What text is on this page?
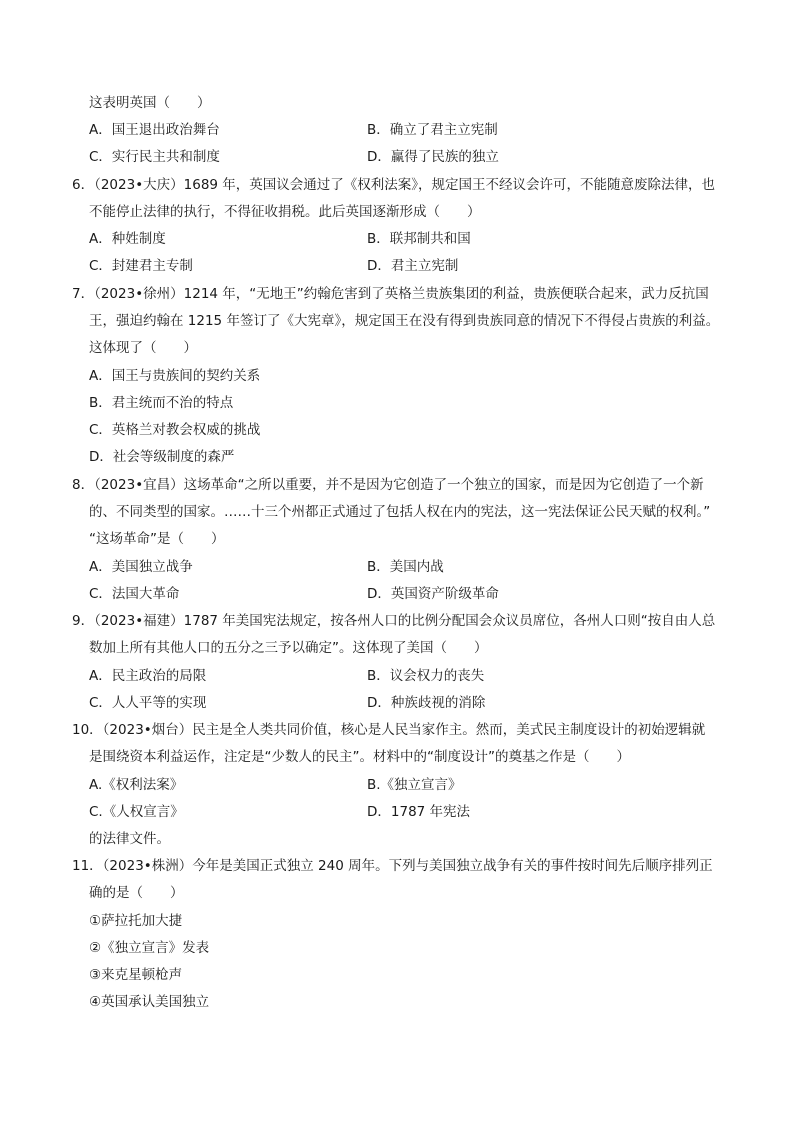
这表明英国（　　）
A．国王退出政治舞台	B．确立了君主立宪制
C．实行民主共和制度	D．赢得了民族的独立
6．（2023•大庆）1689 年，英国议会通过了《权利法案》，规定国王不经议会许可，不能随意废除法律，也
不能停止法律的执行，不得征收捐税。此后英国逐渐形成（　　）
A．种姓制度	B．联邦制共和国
C．封建君主专制	D．君主立宪制
7．（2023•徐州）1214 年，“无地王”约翰危害到了英格兰贵族集团的利益，贵族便联合起来，武力反抗国
王，强迫约翰在 1215 年签订了《大宪章》，规定国王在没有得到贵族同意的情况下不得侵占贵族的利益。
这体现了（　　）
A．国王与贵族间的契约关系
B．君主统而不治的特点
C．英格兰对教会权威的挑战
D．社会等级制度的森严
8．（2023•宜昌）这场革命“之所以重要，并不是因为它创造了一个独立的国家，而是因为它创造了一个新
的、不同类型的国家。……十三个州都正式通过了包括人权在内的宪法，这一宪法保证公民天赋的权利。”
“这场革命”是（　　）
A．美国独立战争	B．美国内战
C．法国大革命	D．英国资产阶级革命
9．（2023•福建）1787 年美国宪法规定，按各州人口的比例分配国会众议员席位，各州人口则“按自由人总
数加上所有其他人口的五分之三予以确定”。这体现了美国（　　）
A．民主政治的局限	B．议会权力的丧失
C．人人平等的实现	D．种族歧视的消除
10．（2023•烟台）民主是全人类共同价值，核心是人民当家作主。然而，美式民主制度设计的初始逻辑就
是围绕资本利益运作，注定是“少数人的民主”。材料中的“制度设计”的奠基之作是（　　）
A.《权利法案》	B.《独立宣言》
C.《人权宣言》	D．1787 年宪法
的法律文件。
11．（2023•株洲）今年是美国正式独立 240 周年。下列与美国独立战争有关的事件按时间先后顺序排列正
确的是（　　）
①萨拉托加大捷
②《独立宣言》发表
③来克星顿枪声
④英国承认美国独立
